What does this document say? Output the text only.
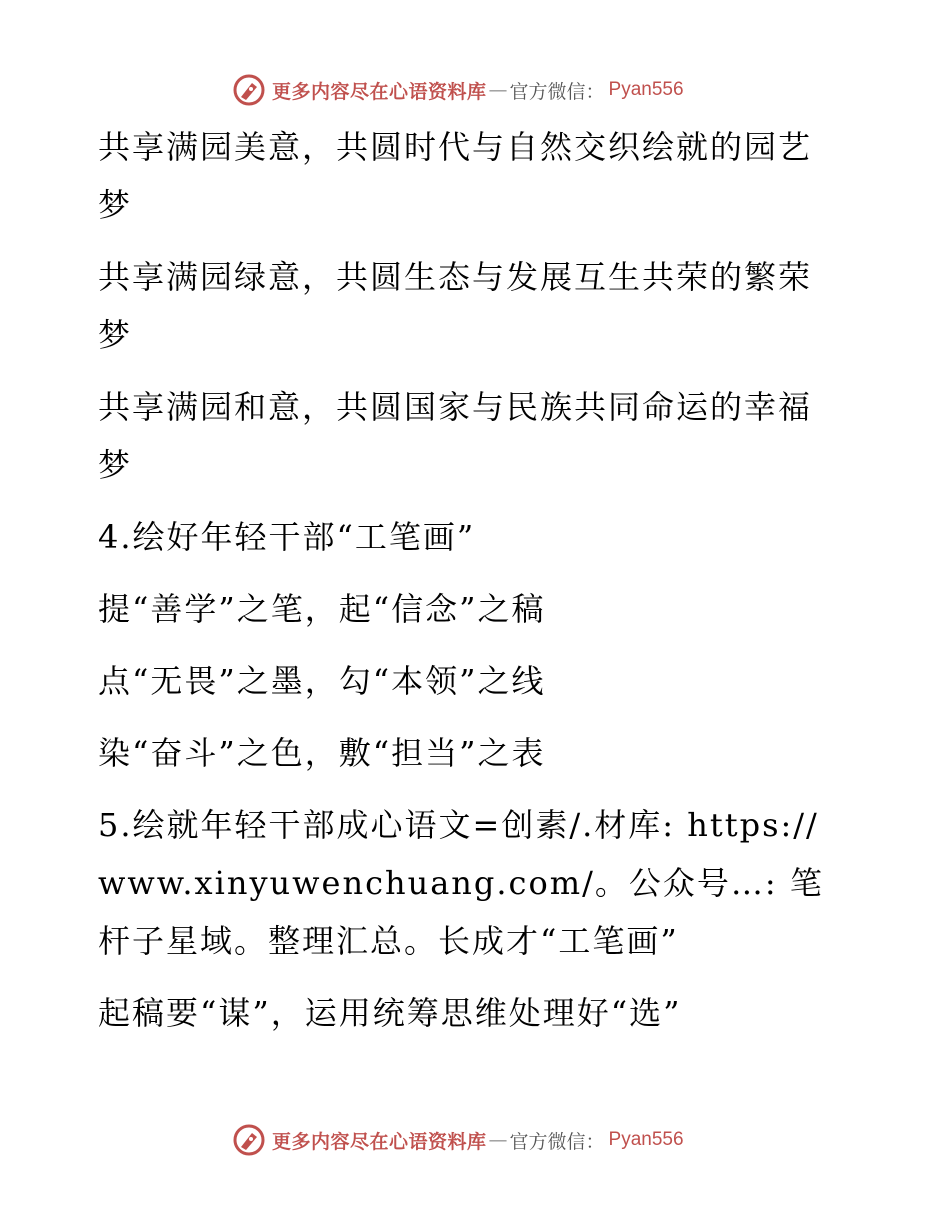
更多内容尽在心语资料库 — 官方微信： Pyan556

共享满园美意，共圆时代与自然交织绘就的园艺梦

共享满园绿意，共圆生态与发展互生共荣的繁荣梦

共享满园和意，共圆国家与民族共同命运的幸福梦

4.绘好年轻干部“工笔画”

提“善学”之笔，起“信念”之稿

点“无畏”之墨，勾“本领”之线

染“奋斗”之色，敷“担当”之表

5.绘就年轻干部成心语文=创素/.材库: https://www.xinyuwenchuang.com/。公众号…: 笔杆子星域。整理汇总。长成才“工笔画”

起稿要“谋”，运用统筹思维处理好“选”

更多内容尽在心语资料库 — 官方微信： Pyan556
